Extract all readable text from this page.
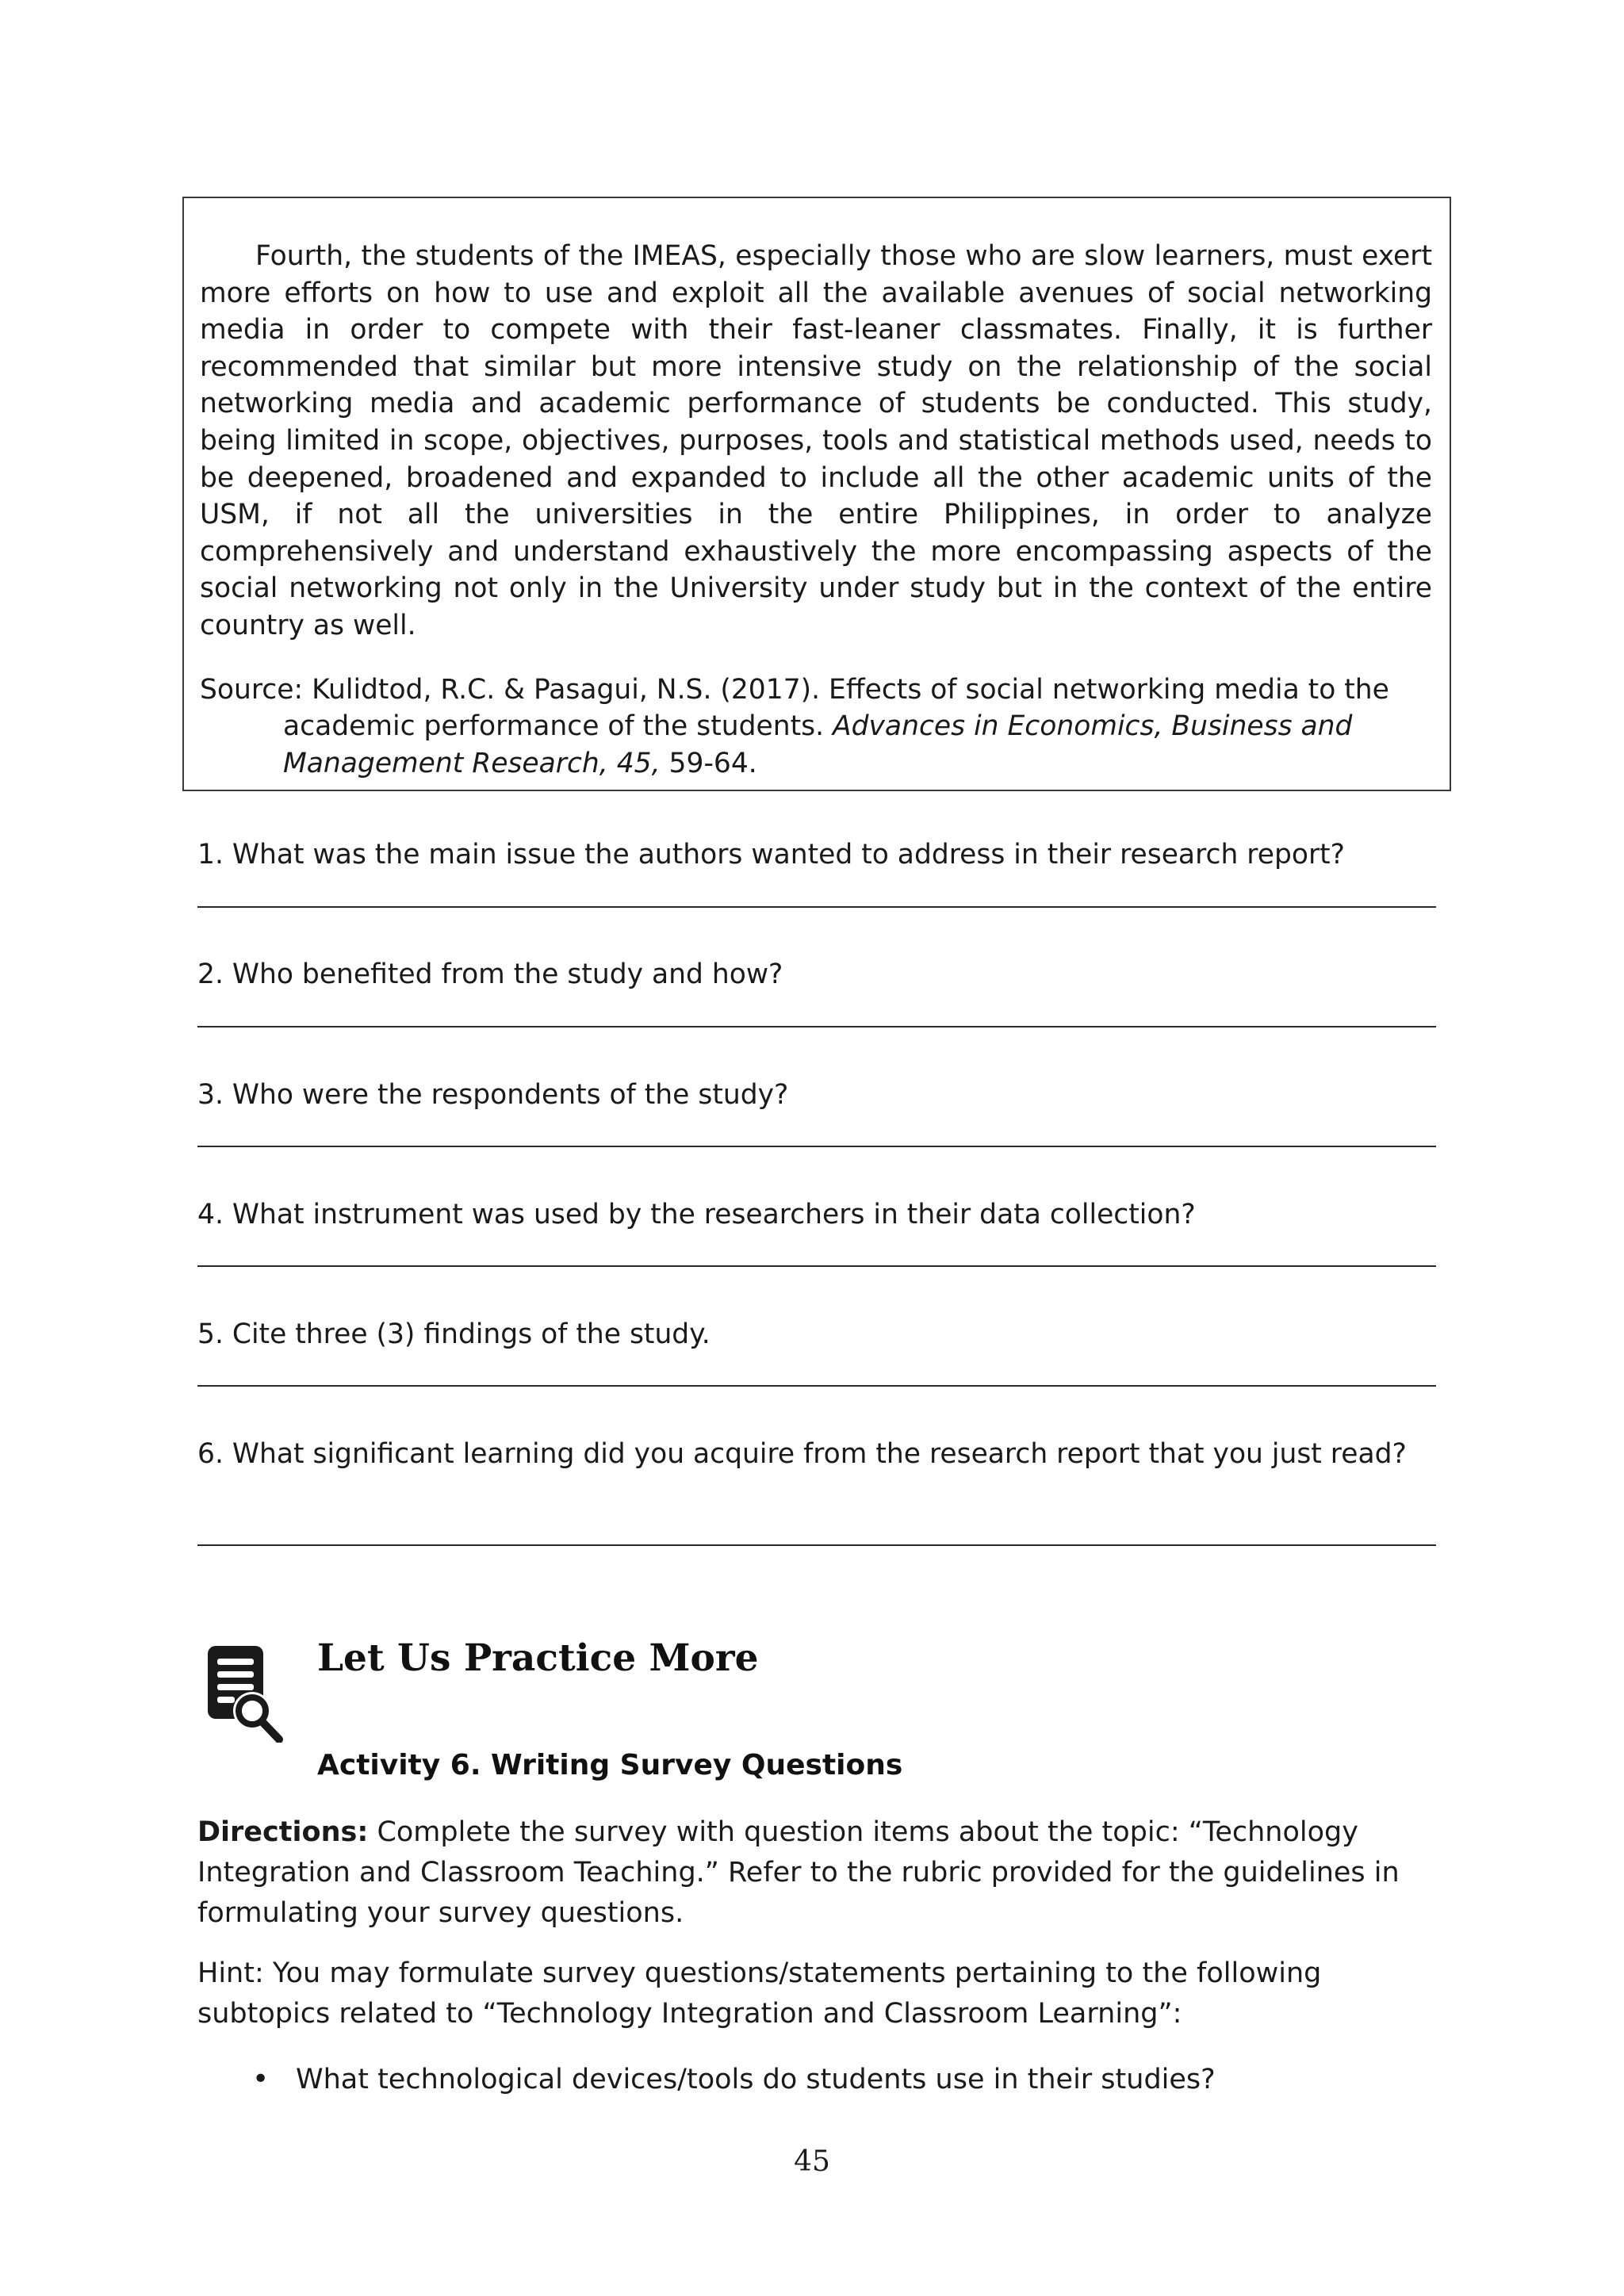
Fourth, the students of the IMEAS, especially those who are slow learners, must exert more efforts on how to use and exploit all the available avenues of social networking media in order to compete with their fast-leaner classmates. Finally, it is further recommended that similar but more intensive study on the relationship of the social networking media and academic performance of students be conducted. This study, being limited in scope, objectives, purposes, tools and statistical methods used, needs to be deepened, broadened and expanded to include all the other academic units of the USM, if not all the universities in the entire Philippines, in order to analyze comprehensively and understand exhaustively the more encompassing aspects of the social networking not only in the University under study but in the context of the entire country as well.

Source: Kulidtod, R.C. & Pasagui, N.S. (2017). Effects of social networking media to the academic performance of the students. Advances in Economics, Business and Management Research, 45, 59-64.

1. What was the main issue the authors wanted to address in their research report?

2. Who benefited from the study and how?

3. Who were the respondents of the study?

4. What instrument was used by the researchers in their data collection?

5. Cite three (3) findings of the study.

6. What significant learning did you acquire from the research report that you just read?

Let Us Practice More
Activity 6. Writing Survey Questions

Directions: Complete the survey with question items about the topic: “Technology Integration and Classroom Teaching.” Refer to the rubric provided for the guidelines in formulating your survey questions.

Hint: You may formulate survey questions/statements pertaining to the following subtopics related to “Technology Integration and Classroom Learning”:

• What technological devices/tools do students use in their studies?

45
